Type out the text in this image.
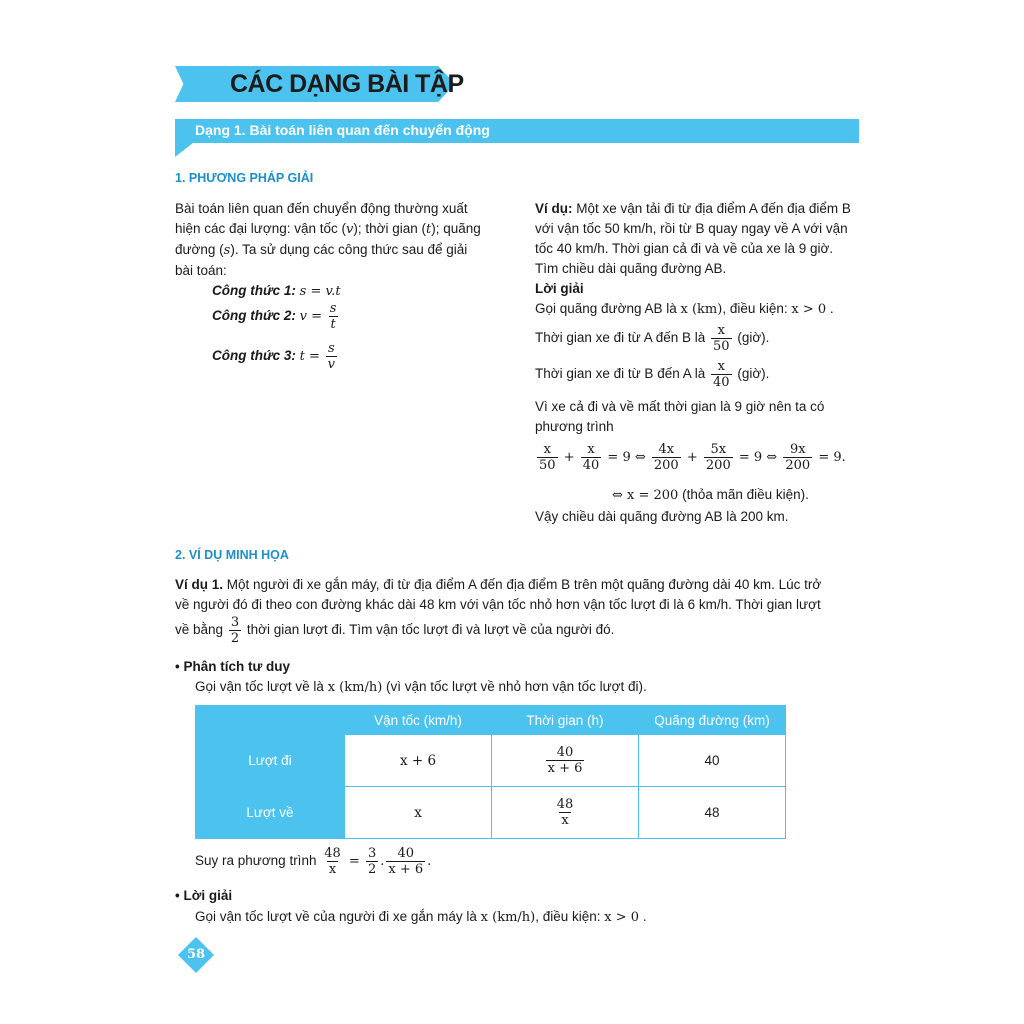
CÁC DẠNG BÀI TẬP
Dạng 1. Bài toán liên quan đến chuyển động
1. PHƯƠNG PHÁP GIẢI
Bài toán liên quan đến chuyển động thường xuất
hiện các đại lượng: vận tốc (v); thời gian (t); quãng
đường (s). Ta sử dụng các công thức sau để giải
bài toán:
Công thức 1: s = v.t
Công thức 2: $v = \frac{s}{t}$
Công thức 3: $t = \frac{s}{v}$
Ví dụ: Một xe vận tải đi từ địa điểm A đến địa điểm B
với vận tốc 50 km/h, rồi từ B quay ngay về A với vận
tốc 40 km/h. Thời gian cả đi và về của xe là 9 giờ.
Tìm chiều dài quãng đường AB.
Lời giải
Gọi quãng đường AB là x (km), điều kiện: x > 0 .
Thời gian xe đi từ A đến B là $\frac{x}{50}$ (giờ).
Thời gian xe đi từ B đến A là $\frac{x}{40}$ (giờ).
Vì xe cả đi và về mất thời gian là 9 giờ nên ta có
phương trình
$\frac{x}{50} + \frac{x}{40} = 9$ ⇔ $\frac{4x}{200} + \frac{5x}{200} = 9$ ⇔ $\frac{9x}{200} = 9$.
⇔ x = 200 (thỏa mãn điều kiện).
Vậy chiều dài quãng đường AB là 200 km.
2. VÍ DỤ MINH HỌA
Ví dụ 1. Một người đi xe gắn máy, đi từ địa điểm A đến địa điểm B trên một quãng đường dài 40 km. Lúc trở
về người đó đi theo con đường khác dài 48 km với vận tốc nhỏ hơn vận tốc lượt đi là 6 km/h. Thời gian lượt
về bằng $\frac{3}{2}$ thời gian lượt đi. Tìm vận tốc lượt đi và lượt về của người đó.
• Phân tích tư duy
Gọi vận tốc lượt về là x (km/h) (vì vận tốc lượt về nhỏ hơn vận tốc lượt đi).
	Vận tốc (km/h)	Thời gian (h)	Quãng đường (km)
Lượt đi	x + 6	$\frac{40}{x + 6}$	40
Lượt về	x	$\frac{48}{x}$	48
Suy ra phương trình $\frac{48}{x} = \frac{3}{2}$ . $\frac{40}{x + 6}$ .
• Lời giải
Gọi vận tốc lượt về của người đi xe gắn máy là x (km/h), điều kiện: x > 0 .
58
